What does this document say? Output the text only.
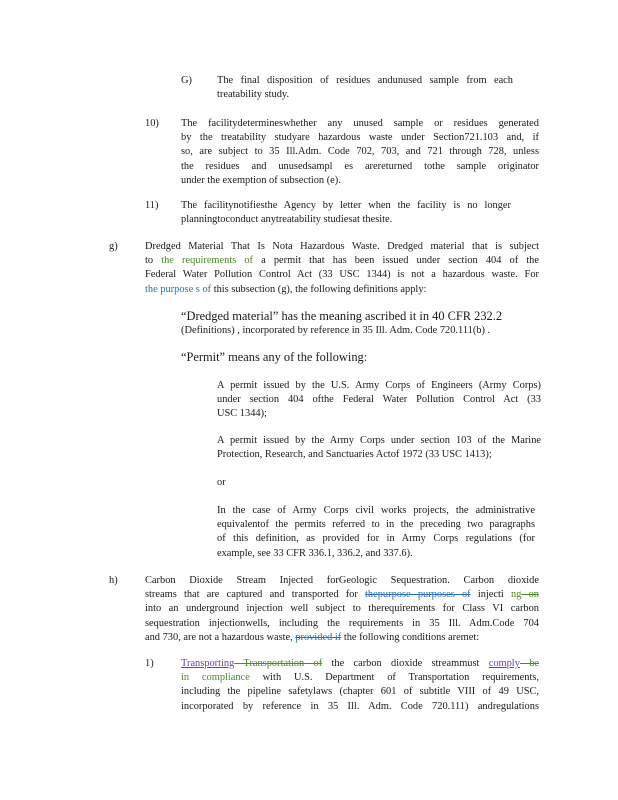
G) The final disposition of residues andunused sample from each
treatability study.
10) The facilitydetermineswhether any unused sample or residues generated
by the treatability studyare hazardous waste under Section721.103 and, if
so, are subject to 35 Ill.Adm. Code 702, 703, and 721 through 728, unless
the residues and unusedsampl es arereturned tothe sample originator
under the exemption of subsection (e).
11) The facilitynotifiesthe Agency by letter when the facility is no longer
planningtoconduct anytreatability studiesat thesite.
g)	Dredged Material That Is Nota Hazardous Waste. Dredged material that is subject
to the requirements of a permit that has been issued under section 404 of the
Federal Water Pollution Control Act (33 USC 1344) is not a hazardous waste. For
the purpose s of this subsection (g), the following definitions apply:
“Dredged material” has the meaning ascribed it in 40 CFR 232.2
(Definitions) , incorporated by reference in 35 Ill. Adm. Code 720.111(b) .
“Permit” means any of the following:
A permit issued by the U.S. Army Corps of Engineers (Army Corps)
under section 404 ofthe Federal Water Pollution Control Act (33
USC 1344);
A permit issued by the Army Corps under section 103 of the Marine
Protection, Research, and Sanctuaries Actof 1972 (33 USC 1413);
or
In the case of Army Corps civil works projects, the administrative
equivalentof the permits referred to in the preceding two paragraphs
of this definition, as provided for in Army Corps regulations (for
example, see 33 CFR 336.1, 336.2, and 337.6).
h)	Carbon Dioxide Stream Injected forGeologic Sequestration. Carbon dioxide
streams that are captured and transported for thepurpose purposes of injecti ng on
into an underground injection well subject to therequirements for Class VI carbon
sequestration injectionwells, including the requirements in 35 Ill. Adm.Code 704
and 730, are not a hazardous waste, provided if the following conditions aremet:
1)	Transporting Transportation of the carbon dioxide streammust comply be
in compliance with U.S. Department of Transportation requirements,
including the pipeline safetylaws (chapter 601 of subtitle VIII of 49 USC,
incorporated by reference in 35 Ill. Adm. Code 720.111) andregulations
